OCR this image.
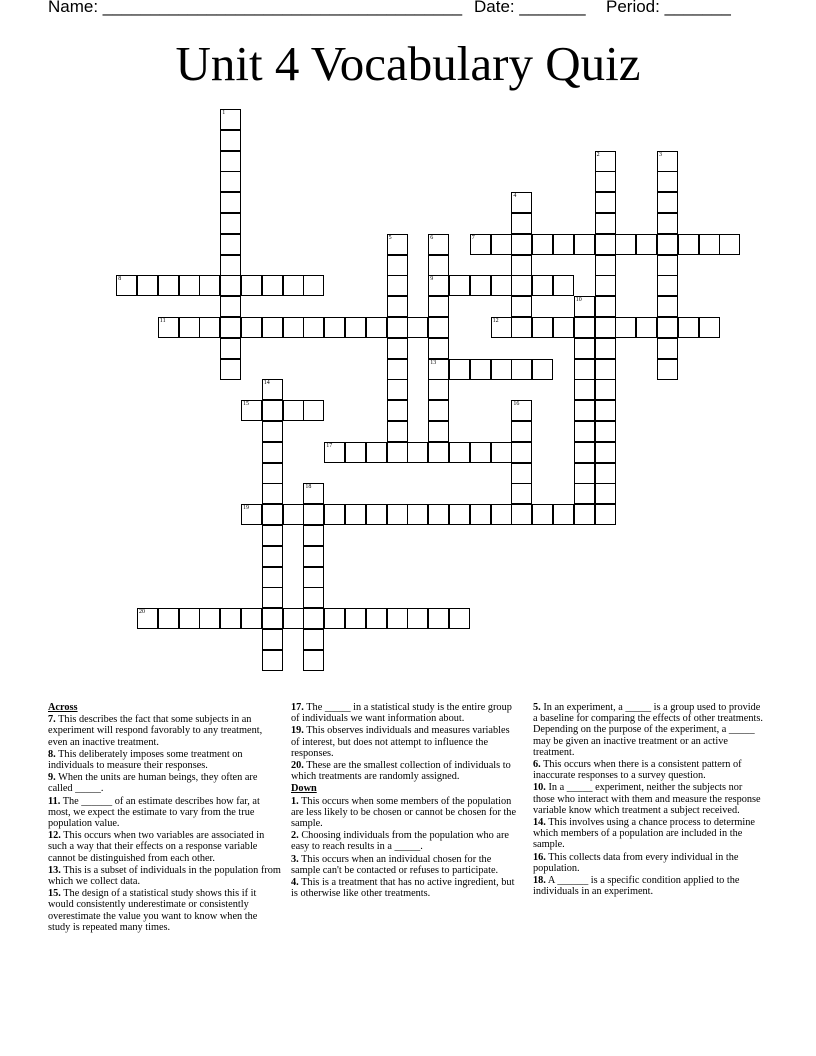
Name: ______________________________________ Date: _______ Period: _______
Unit 4 Vocabulary Quiz
1
2	3
4
5	6
9
13
7
8
10
11	12
14
15	16
17
18
19
20
Across
7. This describes the fact that some subjects in an experiment will respond favorably to any treatment, even an inactive treatment.
8. This deliberately imposes some treatment on individuals to measure their responses.
9. When the units are human beings, they often are called _____.
11. The ______ of an estimate describes how far, at most, we expect the estimate to vary from the true population value.
12. This occurs when two variables are associated in such a way that their effects on a response variable cannot be distinguished from each other.
13. This is a subset of individuals in the population from which we collect data.
15. The design of a statistical study shows this if it would consistently underestimate or consistently overestimate the value you want to know when the study is repeated many times.
17. The _____ in a statistical study is the entire group of individuals we want information about.
19. This observes individuals and measures variables of interest, but does not attempt to influence the responses.
20. These are the smallest collection of individuals to which treatments are randomly assigned.
Down
1. This occurs when some members of the population are less likely to be chosen or cannot be chosen for the sample.
2. Choosing individuals from the population who are easy to reach results in a _____.
3. This occurs when an individual chosen for the sample can't be contacted or refuses to participate.
4. This is a treatment that has no active ingredient, but is otherwise like other treatments.
5. In an experiment, a _____ is a group used to provide a baseline for comparing the effects of other treatments. Depending on the purpose of the experiment, a _____ may be given an inactive treatment or an active treatment.
6. This occurs when there is a consistent pattern of inaccurate responses to a survey question.
10. In a _____ experiment, neither the subjects nor those who interact with them and measure the response variable know which treatment a subject received.
14. This involves using a chance process to determine which members of a population are included in the sample.
16. This collects data from every individual in the population.
18. A ______ is a specific condition applied to the individuals in an experiment.
